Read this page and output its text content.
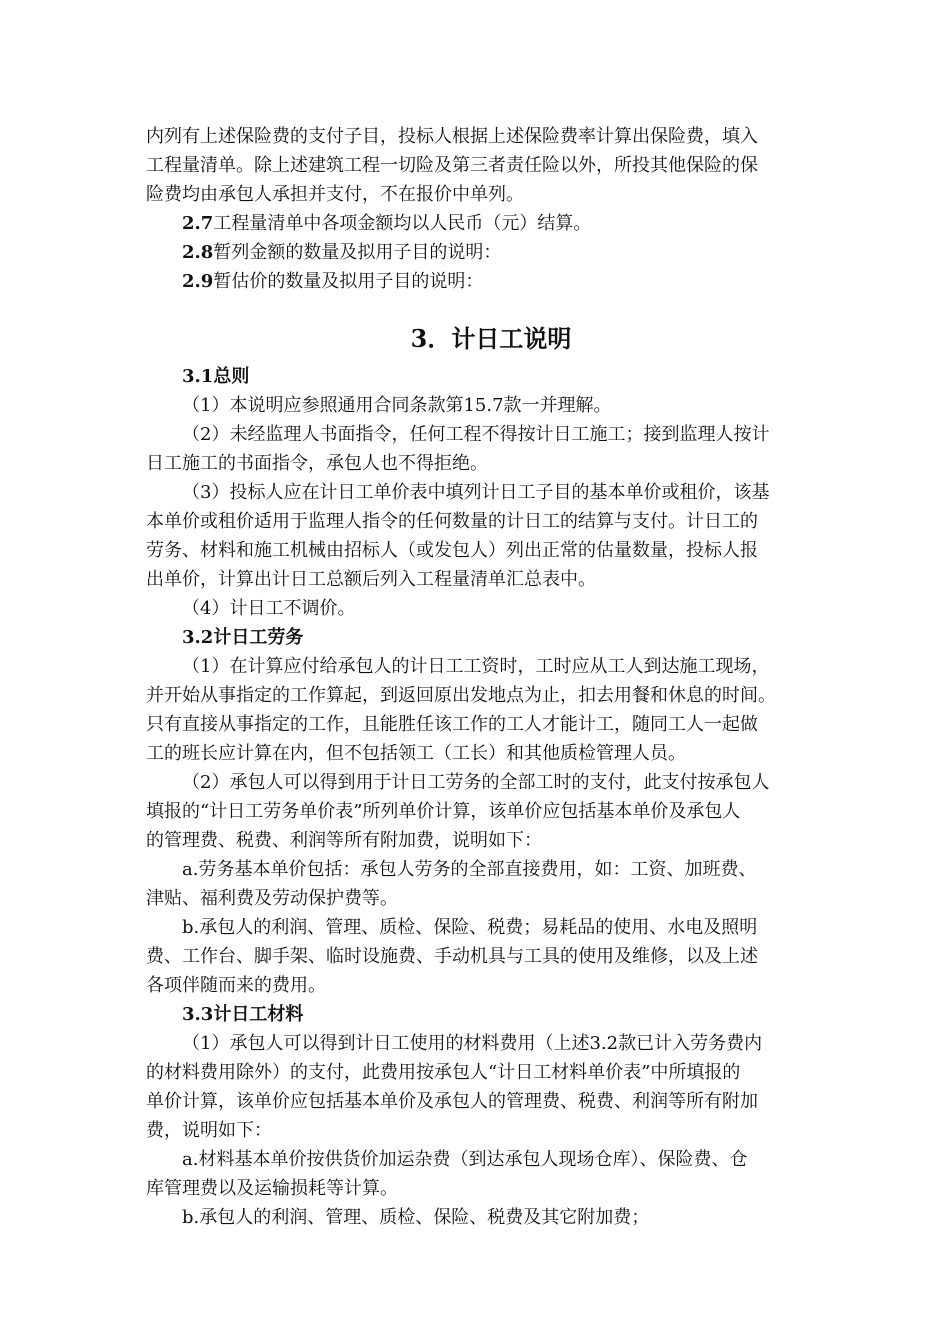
内列有上述保险费的支付子目，投标人根据上述保险费率计算出保险费，填入

工程量清单。除上述建筑工程一切险及第三者责任险以外，所投其他保险的保

险费均由承包人承担并支付，不在报价中单列。

2.7工程量清单中各项金额均以人民币（元）结算。

2.8暂列金额的数量及拟用子目的说明：

2.9暂估价的数量及拟用子目的说明：

3．计日工说明

3.1总则

（1）本说明应参照通用合同条款第15.7款一并理解。

（2）未经监理人书面指令，任何工程不得按计日工施工；接到监理人按计

日工施工的书面指令，承包人也不得拒绝。

（3）投标人应在计日工单价表中填列计日工子目的基本单价或租价，该基

本单价或租价适用于监理人指令的任何数量的计日工的结算与支付。计日工的

劳务、材料和施工机械由招标人（或发包人）列出正常的估量数量，投标人报

出单价，计算出计日工总额后列入工程量清单汇总表中。

（4）计日工不调价。

3.2计日工劳务

（1）在计算应付给承包人的计日工工资时，工时应从工人到达施工现场，

并开始从事指定的工作算起，到返回原出发地点为止，扣去用餐和休息的时间。

只有直接从事指定的工作，且能胜任该工作的工人才能计工，随同工人一起做

工的班长应计算在内，但不包括领工（工长）和其他质检管理人员。

（2）承包人可以得到用于计日工劳务的全部工时的支付，此支付按承包人

填报的“计日工劳务单价表”所列单价计算，该单价应包括基本单价及承包人

的管理费、税费、利润等所有附加费，说明如下：

a.劳务基本单价包括：承包人劳务的全部直接费用，如：工资、加班费、

津贴、福利费及劳动保护费等。

b.承包人的利润、管理、质检、保险、税费；易耗品的使用、水电及照明

费、工作台、脚手架、临时设施费、手动机具与工具的使用及维修，以及上述

各项伴随而来的费用。

3.3计日工材料

（1）承包人可以得到计日工使用的材料费用（上述3.2款已计入劳务费内

的材料费用除外）的支付，此费用按承包人“计日工材料单价表”中所填报的

单价计算，该单价应包括基本单价及承包人的管理费、税费、利润等所有附加

费，说明如下：

a.材料基本单价按供货价加运杂费（到达承包人现场仓库）、保险费、仓

库管理费以及运输损耗等计算。

b.承包人的利润、管理、质检、保险、税费及其它附加费；
